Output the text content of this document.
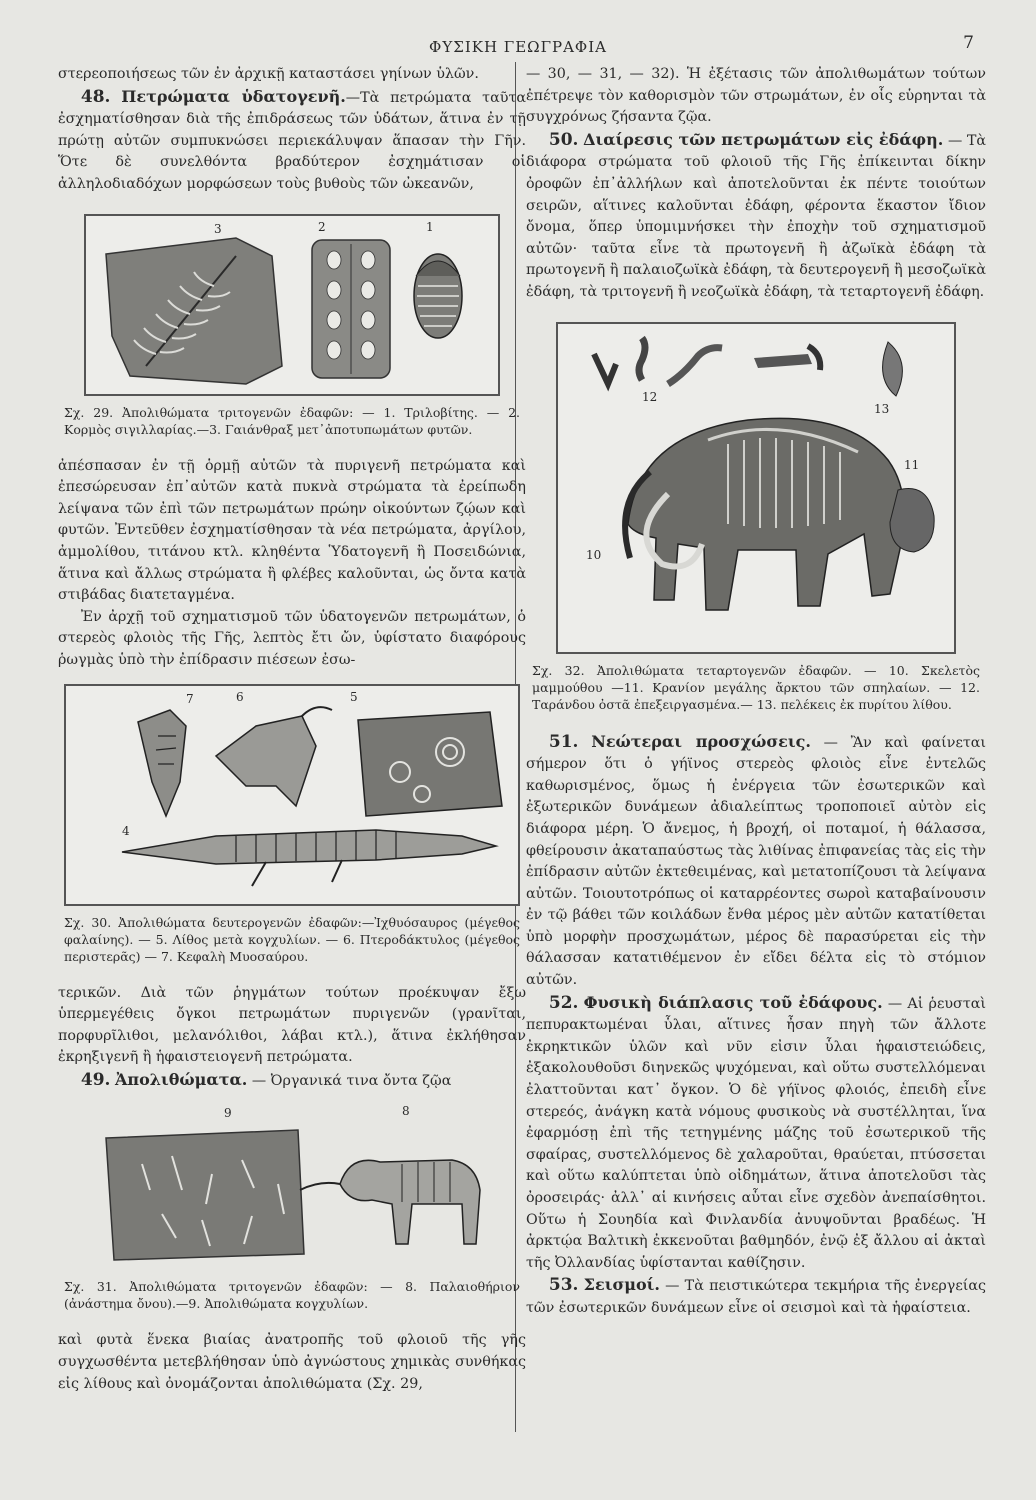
ΦΥΣΙΚΗ ΓΕΩΓΡΑΦΙΑ	7

στερεοποιήσεως τῶν ἐν ἀρχικῇ καταστάσει γηίνων ὑλῶν.

48. Πετρώματα ὑδατογενῆ.—Τὰ πετρώματα ταῦτα ἐσχηματίσθησαν διὰ τῆς ἐπιδράσεως τῶν ὑδάτων, ἅτινα ἐν τῇ πρώτῃ αὐτῶν συμπυκνώσει περιεκάλυψαν ἅπασαν τὴν Γῆν. Ὅτε δὲ συνελθόντα βραδύτερον ἐσχημάτισαν οἱ ἀλληλοδιαδόχων μορφώσεων τοὺς βυθοὺς τῶν ὠκεανῶν,

3	2	1
Σχ. 29. Ἀπολιθώματα τριτογενῶν ἐδαφῶν: — 1. Τριλοβίτης. — 2. Κορμὸς σιγιλλαρίας.—3. Γαιάνθραξ μετ᾽ἀποτυπωμάτων φυτῶν.

ἀπέσπασαν ἐν τῇ ὁρμῇ αὐτῶν τὰ πυριγενῆ πετρώματα καὶ ἐπεσώρευσαν ἐπ᾽αὐτῶν κατὰ πυκνὰ στρώματα τὰ ἐρείπωδη λείψανα τῶν ἐπὶ τῶν πετρωμάτων πρώην οἰκούντων ζῴων καὶ φυτῶν. Ἐντεῦθεν ἐσχηματίσθησαν τὰ νέα πετρώματα, ἀργίλου, ἀμμολίθου, τιτάνου κτλ. κληθέντα Ὑδατογενῆ ἢ Ποσειδώνια, ἅτινα καὶ ἄλλως στρώματα ἢ φλέβες καλοῦνται, ὡς ὄντα κατὰ στιβάδας διατεταγμένα.

Ἐν ἀρχῇ τοῦ σχηματισμοῦ τῶν ὑδατογενῶν πετρωμάτων, ὁ στερεὸς φλοιὸς τῆς Γῆς, λεπτὸς ἔτι ὤν, ὑφίστατο διαφόρους ῥωγμὰς ὑπὸ τὴν ἐπίδρασιν πιέσεων ἐσω-

7	6	5
4
Σχ. 30. Ἀπολιθώματα δευτερογενῶν ἐδαφῶν:—Ἰχθυόσαυρος (μέγεθος φαλαίνης). — 5. Λίθος μετὰ κογχυλίων. — 6. Πτεροδάκτυλος (μέγεθος περιστερᾶς) — 7. Κεφαλὴ Μυοσαύρου.

τερικῶν. Διὰ τῶν ῥηγμάτων τούτων προέκυψαν ἔξω ὑπερμεγέθεις ὄγκοι πετρωμάτων πυριγενῶν (γρανῖται, πορφυρῖλιθοι, μελανόλιθοι, λάβαι κτλ.), ἅτινα ἐκλήθησαν ἐκρηξιγενῆ ἢ ἡφαιστειογενῆ πετρώματα.

49. Ἀπολιθώματα. — Ὀργανικά τινα ὄντα ζῷα

9	8
Σχ. 31. Ἀπολιθώματα τριτογενῶν ἐδαφῶν: — 8. Παλαιοθήριον (ἀνάστημα ὄνου).—9. Ἀπολιθώματα κογχυλίων.

καὶ φυτὰ ἕνεκα βιαίας ἀνατροπῆς τοῦ φλοιοῦ τῆς γῆς συγχωσθέντα μετεβλήθησαν ὑπὸ ἀγνώστους χημικὰς συνθήκας εἰς λίθους καὶ ὀνομάζονται ἀπολιθώματα (Σχ. 29,

— 30, — 31, — 32). Ἡ ἐξέτασις τῶν ἀπολιθωμάτων τούτων ἐπέτρεψε τὸν καθορισμὸν τῶν στρωμάτων, ἐν οἷς εὑρηνται τὰ συγχρόνως ζήσαντα ζῷα.

50. Διαίρεσις τῶν πετρωμάτων εἰς ἐδάφη. — Τὰ διάφορα στρώματα τοῦ φλοιοῦ τῆς Γῆς ἐπίκεινται δίκην ὀροφῶν ἐπ᾽ἀλλήλων καὶ ἀποτελοῦνται ἐκ πέντε τοιούτων σειρῶν, αἵτινες καλοῦνται ἐδάφη, φέροντα ἕκαστον ἴδιον ὄνομα, ὅπερ ὑπομιμνήσκει τὴν ἐποχὴν τοῦ σχηματισμοῦ αὐτῶν· ταῦτα εἶνε τὰ πρωτογενῆ ἢ ἀζωϊκὰ ἐδάφη τὰ πρωτογενῆ ἢ παλαιοζωϊκὰ ἐδάφη, τὰ δευτερογενῆ ἢ μεσοζωϊκὰ ἐδάφη, τὰ τριτογενῆ ἢ νεοζωϊκὰ ἐδάφη, τὰ τεταρτογενῆ ἐδάφη.

12
13
11
10
Σχ. 32. Ἀπολιθώματα τεταρτογενῶν ἐδαφῶν. — 10. Σκελετὸς μαμμούθου —11. Κρανίον μεγάλης ἄρκτου τῶν σπηλαίων. — 12. Ταράνδου ὀστᾶ ἐπεξειργασμένα.— 13. πελέκεις ἐκ πυρίτου λίθου.

51. Νεώτεραι προσχώσεις. — Ἂν καὶ φαίνεται σήμερον ὅτι ὁ γήϊνος στερεὸς φλοιὸς εἶνε ἐντελῶς καθωρισμένος, ὅμως ἡ ἐνέργεια τῶν ἐσωτερικῶν καὶ ἐξωτερικῶν δυνάμεων ἀδιαλείπτως τροποποιεῖ αὐτὸν εἰς διάφορα μέρη. Ὁ ἄνεμος, ἡ βροχή, οἱ ποταμοί, ἡ θάλασσα, φθείρουσιν ἀκαταπαύστως τὰς λιθίνας ἐπιφανείας τὰς εἰς τὴν ἐπίδρασιν αὐτῶν ἐκτεθειμένας, καὶ μετατοπίζουσι τὰ λείψανα αὐτῶν. Τοιουτοτρόπως οἱ καταρρέοντες σωροὶ καταβαίνουσιν ἐν τῷ βάθει τῶν κοιλάδων ἔνθα μέρος μὲν αὐτῶν κατατίθεται ὑπὸ μορφὴν προσχωμάτων, μέρος δὲ παρασύρεται εἰς τὴν θάλασσαν κατατιθέμενον ἐν εἴδει δέλτα εἰς τὸ στόμιον αὐτῶν.

52. Φυσικὴ διάπλασις τοῦ ἐδάφους. — Αἱ ῥευσταὶ πεπυρακτωμέναι ὗλαι, αἵτινες ἦσαν πηγὴ τῶν ἄλλοτε ἐκρηκτικῶν ὑλῶν καὶ νῦν εἰσιν ὗλαι ἡφαιστειώδεις, ἐξακολουθοῦσι διηνεκῶς ψυχόμεναι, καὶ οὕτω συστελλόμεναι ἐλαττοῦνται κατ᾽ ὄγκον. Ὁ δὲ γήϊνος φλοιός, ἐπειδὴ εἶνε στερεός, ἀνάγκη κατὰ νόμους φυσικοὺς νὰ συστέλληται, ἵνα ἐφαρμόσῃ ἐπὶ τῆς τετηγμένης μάζης τοῦ ἐσωτερικοῦ τῆς σφαίρας, συστελλόμενος δὲ χαλαροῦται, θραύεται, πτύσσεται καὶ οὕτω καλύπτεται ὑπὸ οἰδημάτων, ἅτινα ἀποτελοῦσι τὰς ὀροσειράς· ἀλλ᾽ αἱ κινήσεις αὗται εἶνε σχεδὸν ἀνεπαίσθητοι. Οὕτω ἡ Σουηδία καὶ Φινλανδία ἀνυψοῦνται βραδέως. Ἡ ἀρκτῴα Βαλτικὴ ἐκκενοῦται βαθμηδόν, ἐνῷ ἐξ ἄλλου αἱ ἀκταὶ τῆς Ὀλλανδίας ὑφίστανται καθίζησιν.

53. Σεισμοί. — Τὰ πειστικώτερα τεκμήρια τῆς ἐνεργείας τῶν ἐσωτερικῶν δυνάμεων εἶνε οἱ σεισμοὶ καὶ τὰ ἡφαίστεια.
